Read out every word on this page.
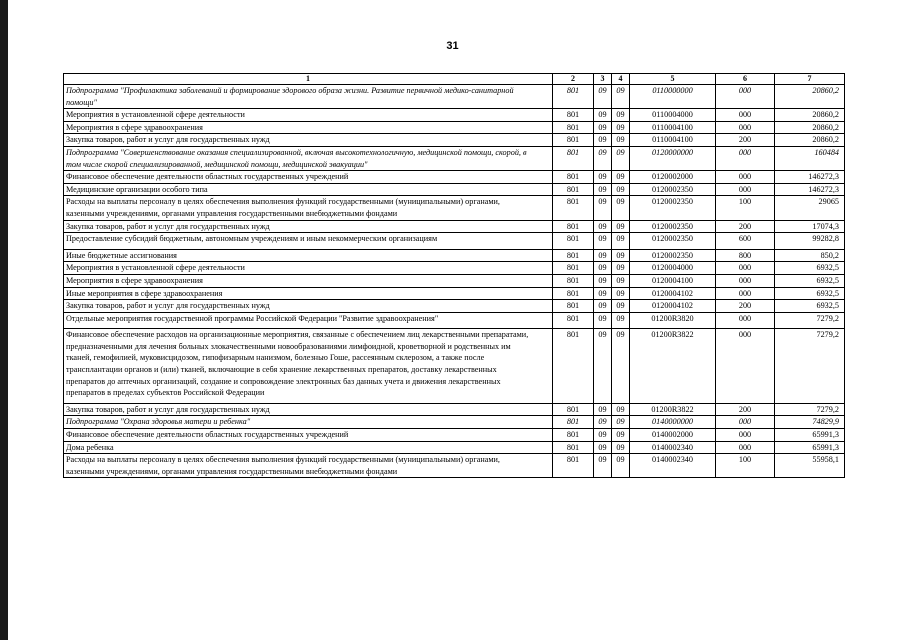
31
1	2	3	4	5	6	7
Подпрограмма "Профилактика заболеваний и формирование здорового образа жизни. Развитие первичной медико-санитарной помощи"	801	09	09	0110000000	000	20860,2
Мероприятия в установленной сфере деятельности	801	09	09	0110004000	000	20860,2
Мероприятия в сфере здравоохранения	801	09	09	0110004100	000	20860,2
Закупка товаров, работ и услуг для государственных нужд	801	09	09	0110004100	200	20860,2
Подпрограмма "Совершенствование оказания специализированной, включая высокотехнологичную, медицинской помощи, скорой, в том числе скорой специализированной, медицинской помощи, медицинской эвакуации"	801	09	09	0120000000	000	160484
Финансовое обеспечение деятельности областных государственных учреждений	801	09	09	0120002000	000	146272,3
Медицинские организации особого типа	801	09	09	0120002350	000	146272,3
Расходы на выплаты персоналу в целях обеспечения выполнения функций государственными (муниципальными) органами, казенными учреждениями, органами управления государственными внебюджетными фондами	801	09	09	0120002350	100	29065
Закупка товаров, работ и услуг для государственных нужд	801	09	09	0120002350	200	17074,3
Предоставление субсидий бюджетным, автономным учреждениям и иным некоммерческим организациям	801	09	09	0120002350	600	99282,8
Иные бюджетные ассигнования	801	09	09	0120002350	800	850,2
Мероприятия в установленной сфере деятельности	801	09	09	0120004000	000	6932,5
Мероприятия в сфере здравоохранения	801	09	09	0120004100	000	6932,5
Иные мероприятия в сфере здравоохранения	801	09	09	0120004102	000	6932,5
Закупка товаров, работ и услуг для государственных нужд	801	09	09	0120004102	200	6932,5
Отдельные мероприятия государственной программы Российской Федерации "Развитие здравоохранения"	801	09	09	01200R3820	000	7279,2
Финансовое обеспечение расходов на организационные мероприятия, связанные с обеспечением лиц лекарственными препаратами, предназначенными для лечения больных злокачественными новообразованиями лимфоидной, кроветворной и родственных им тканей, гемофилией, муковисцидозом, гипофизарным нанизмом, болезнью Гоше, рассеянным склерозом, а также после трансплантации органов и (или) тканей, включающие в себя хранение лекарственных препаратов, доставку лекарственных препаратов до аптечных организаций, создание и сопровождение электронных баз данных учета и движения лекарственных препаратов в пределах субъектов Российской Федерации	801	09	09	01200R3822	000	7279,2
Закупка товаров, работ и услуг для государственных нужд	801	09	09	01200R3822	200	7279,2
Подпрограмма "Охрана здоровья матери и ребенка"	801	09	09	0140000000	000	74829,9
Финансовое обеспечение деятельности областных государственных учреждений	801	09	09	0140002000	000	65991,3
Дома ребенка	801	09	09	0140002340	000	65991,3
Расходы на выплаты персоналу в целях обеспечения выполнения функций государственными (муниципальными) органами, казенными учреждениями, органами управления государственными внебюджетными фондами	801	09	09	0140002340	100	55958,1
